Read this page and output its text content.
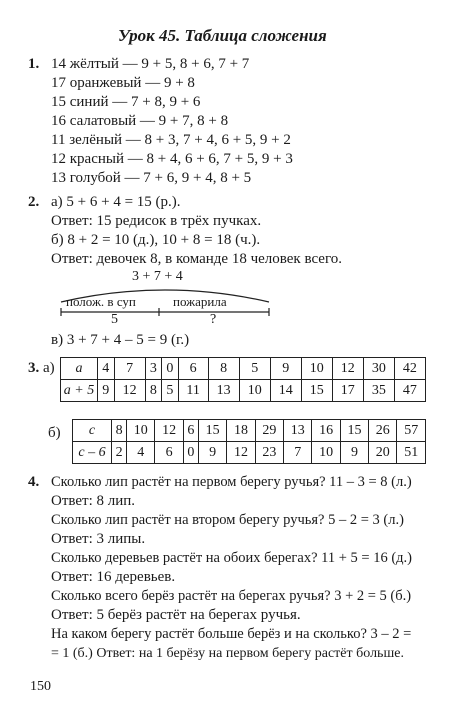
Урок 45. Таблица сложения
1. 14 жёлтый — 9 + 5, 8 + 6, 7 + 7
17 оранжевый — 9 + 8
15 синий — 7 + 8, 9 + 6
16 салатовый — 9 + 7, 8 + 8
11 зелёный — 8 + 3, 7 + 4, 6 + 5, 9 + 2
12 красный — 8 + 4, 6 + 6, 7 + 5, 9 + 3
13 голубой — 7 + 6, 9 + 4, 8 + 5
2. а) 5 + 6 + 4 = 15 (р.).
Ответ: 15 редисок в трёх пучках.
б) 8 + 2 = 10 (д.), 10 + 8 = 18 (ч.).
Ответ: девочек 8, в команде 18 человек всего.
3 + 7 + 4
полож. в суп	пожарила
5	?
в) 3 + 7 + 4 – 5 = 9 (г.)
3. а) a	4	7	3	0	6	8	5	9	10	12	30	42
a + 5	9	12	8	5	11	13	10	14	15	17	35	47
б) c	8	10	12	6	15	18	29	13	16	15	26	57
c – 6	2	4	6	0	9	12	23	7	10	9	20	51
4. Сколько лип растёт на первом берегу ручья? 11 – 3 = 8 (л.)
Ответ: 8 лип.
Сколько лип растёт на втором берегу ручья? 5 – 2 = 3 (л.)
Ответ: 3 липы.
Сколько деревьев растёт на обоих берегах? 11 + 5 = 16 (д.)
Ответ: 16 деревьев.
Сколько всего берёз растёт на берегах ручья? 3 + 2 = 5 (б.)
Ответ: 5 берёз растёт на берегах ручья.
На каком берегу растёт больше берёз и на сколько? 3 – 2 =
= 1 (б.) Ответ: на 1 берёзу на первом берегу растёт больше.
150
